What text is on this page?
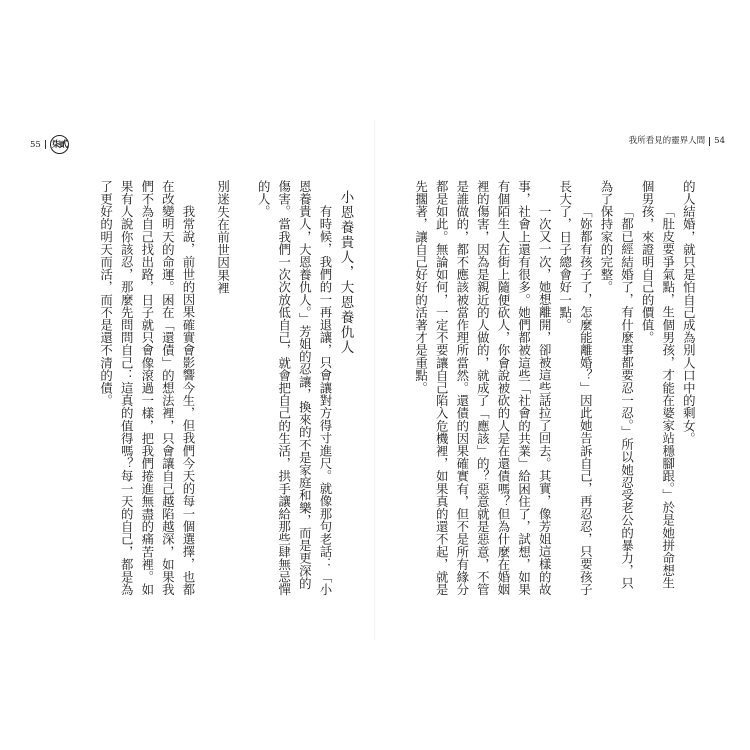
55 柒貳	我所看見的靈界人間 54

的人結婚，就只是怕自己成為別人口中的剩女。

「肚皮要爭氣點，生個男孩，才能在婆家站穩腳跟。」於是她拼命想生個男孩，來證明自己的價值。

「都已經結婚了，有什麼事都要忍一忍。」所以她忍受老公的暴力，只為了保持家的完整。

「妳都有孩子了，怎麼能離婚？」因此她告訴自己，再忍忍，只要孩子長大了，日子總會好一點。

一次又一次，她想離開，卻被這些話拉了回去。其實，像芳姐這樣的故事，社會上還有很多。她們都被這些「社會的共業」給困住了，試想，如果有個陌生人在街上隨便砍人，你會說被砍的人是在還債嗎？但為什麼在婚姻裡的傷害，因為是親近的人做的，就成了「應該」的？惡意就是惡意，不管是誰做的，都不應該被當作理所當然。還債的因果確實有，但不是所有緣分都是如此。無論如何，一定不要讓自己陷入危機裡，如果真的還不起，就是先擱著，讓自己好好的活著才是重點。

小恩養貴人，大恩養仇人

有時候，我們的一再退讓，只會讓對方得寸進尺。就像那句老話：「小恩養貴人，大恩養仇人。」芳姐的忍讓，換來的不是家庭和樂，而是更深的傷害。當我們一次次放低自己，就會把自己的生活，拱手讓給那些肆無忌憚的人。

別迷失在前世因果裡

我常說，前世的因果確實會影響今生，但我們今天的每一個選擇，也都在改變明天的命運。困在「還債」的想法裡，只會讓自己越陷越深，如果我們不為自己找出路，日子就只會像滾過一樣，把我們捲進無盡的痛苦裡。如果有人說你該忍，那麼先問問自己：這真的值得嗎？每一天的自己，都是為了更好的明天而活，而不是還不清的債。
